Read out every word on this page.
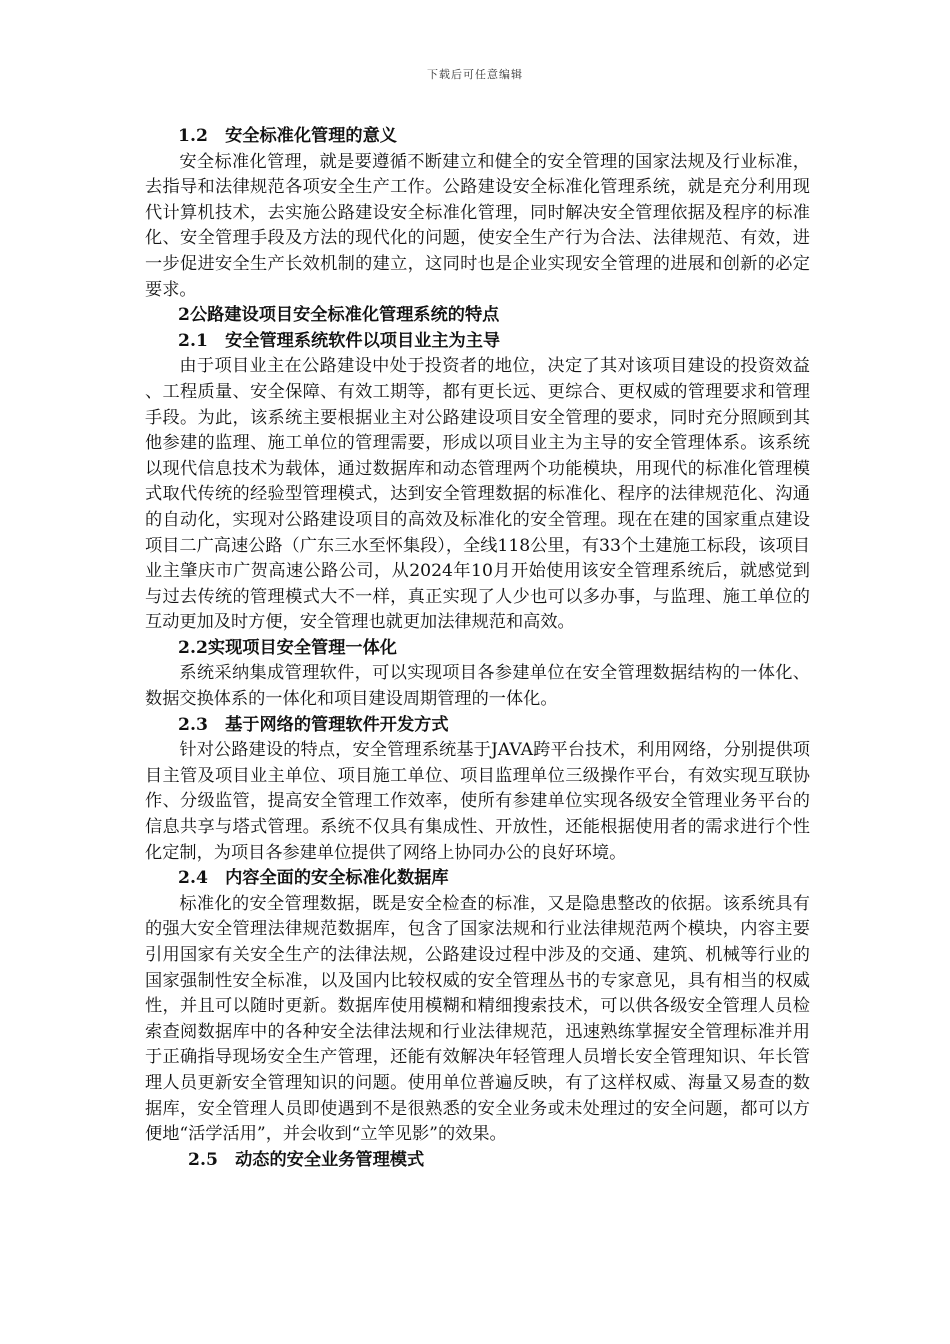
下载后可任意编辑
1.2　安全标准化管理的意义

安全标准化管理，就是要遵循不断建立和健全的安全管理的国家法规及行业标准，去指导和法律规范各项安全生产工作。公路建设安全标准化管理系统，就是充分利用现代计算机技术，去实施公路建设安全标准化管理，同时解决安全管理依据及程序的标准化、安全管理手段及方法的现代化的问题，使安全生产行为合法、法律规范、有效，进一步促进安全生产长效机制的建立，这同时也是企业实现安全管理的进展和创新的必定要求。

2公路建设项目安全标准化管理系统的特点
2.1　安全管理系统软件以项目业主为主导

由于项目业主在公路建设中处于投资者的地位，决定了其对该项目建设的投资效益、工程质量、安全保障、有效工期等，都有更长远、更综合、更权威的管理要求和管理手段。为此，该系统主要根据业主对公路建设项目安全管理的要求，同时充分照顾到其他参建的监理、施工单位的管理需要，形成以项目业主为主导的安全管理体系。该系统以现代信息技术为载体，通过数据库和动态管理两个功能模块，用现代的标准化管理模式取代传统的经验型管理模式，达到安全管理数据的标准化、程序的法律规范化、沟通的自动化，实现对公路建设项目的高效及标准化的安全管理。现在在建的国家重点建设项目二广高速公路（广东三水至怀集段），全线118公里，有33个土建施工标段，该项目业主肇庆市广贺高速公路公司，从2024年10月开始使用该安全管理系统后，就感觉到与过去传统的管理模式大不一样，真正实现了人少也可以多办事，与监理、施工单位的互动更加及时方便，安全管理也就更加法律规范和高效。

2.2实现项目安全管理一体化

系统采纳集成管理软件，可以实现项目各参建单位在安全管理数据结构的一体化、数据交换体系的一体化和项目建设周期管理的一体化。

2.3　基于网络的管理软件开发方式

针对公路建设的特点，安全管理系统基于JAVA跨平台技术，利用网络，分别提供项目主管及项目业主单位、项目施工单位、项目监理单位三级操作平台，有效实现互联协作、分级监管，提高安全管理工作效率，使所有参建单位实现各级安全管理业务平台的信息共享与塔式管理。系统不仅具有集成性、开放性，还能根据使用者的需求进行个性化定制，为项目各参建单位提供了网络上协同办公的良好环境。

2.4　内容全面的安全标准化数据库

标准化的安全管理数据，既是安全检查的标准，又是隐患整改的依据。该系统具有的强大安全管理法律规范数据库，包含了国家法规和行业法律规范两个模块，内容主要引用国家有关安全生产的法律法规，公路建设过程中涉及的交通、建筑、机械等行业的国家强制性安全标准，以及国内比较权威的安全管理丛书的专家意见，具有相当的权威性，并且可以随时更新。数据库使用模糊和精细搜索技术，可以供各级安全管理人员检索查阅数据库中的各种安全法律法规和行业法律规范，迅速熟练掌握安全管理标准并用于正确指导现场安全生产管理，还能有效解决年轻管理人员增长安全管理知识、年长管理人员更新安全管理知识的问题。使用单位普遍反映，有了这样权威、海量又易查的数据库，安全管理人员即使遇到不是很熟悉的安全业务或未处理过的安全问题，都可以方便地“活学活用”，并会收到“立竿见影”的效果。

2.5　动态的安全业务管理模式
